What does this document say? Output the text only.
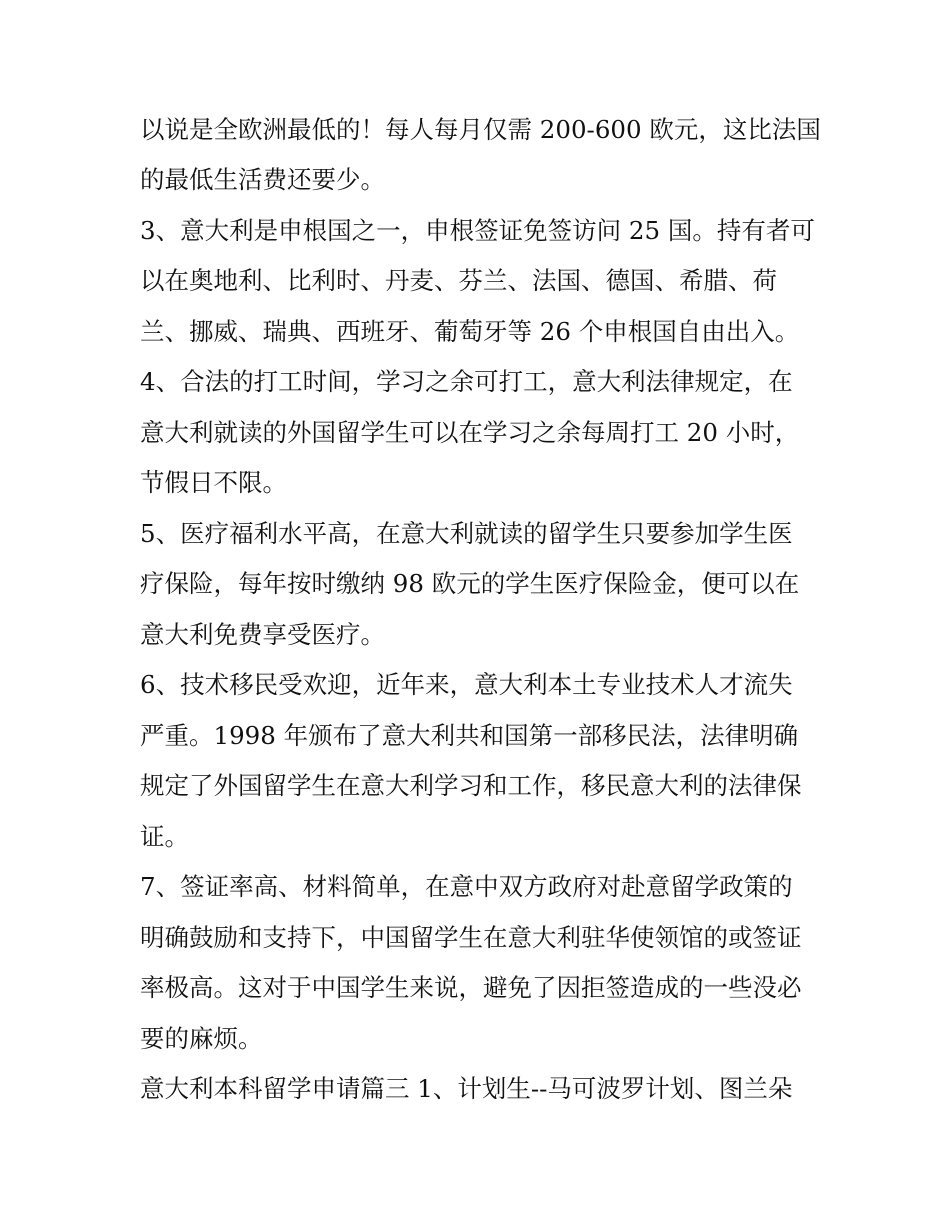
以说是全欧洲最低的！每人每月仅需 200-600 欧元，这比法国
的最低生活费还要少。
3、意大利是申根国之一，申根签证免签访问 25 国。持有者可
以在奥地利、比利时、丹麦、芬兰、法国、德国、希腊、荷
兰、挪威、瑞典、西班牙、葡萄牙等 26 个申根国自由出入。
4、合法的打工时间，学习之余可打工，意大利法律规定，在
意大利就读的外国留学生可以在学习之余每周打工 20 小时，
节假日不限。
5、医疗福利水平高，在意大利就读的留学生只要参加学生医
疗保险，每年按时缴纳 98 欧元的学生医疗保险金，便可以在
意大利免费享受医疗。
6、技术移民受欢迎，近年来，意大利本土专业技术人才流失
严重。1998 年颁布了意大利共和国第一部移民法，法律明确
规定了外国留学生在意大利学习和工作，移民意大利的法律保
证。
7、签证率高、材料简单，在意中双方政府对赴意留学政策的
明确鼓励和支持下，中国留学生在意大利驻华使领馆的或签证
率极高。这对于中国学生来说，避免了因拒签造成的一些没必
要的麻烦。
意大利本科留学申请篇三 1、计划生--马可波罗计划、图兰朵
